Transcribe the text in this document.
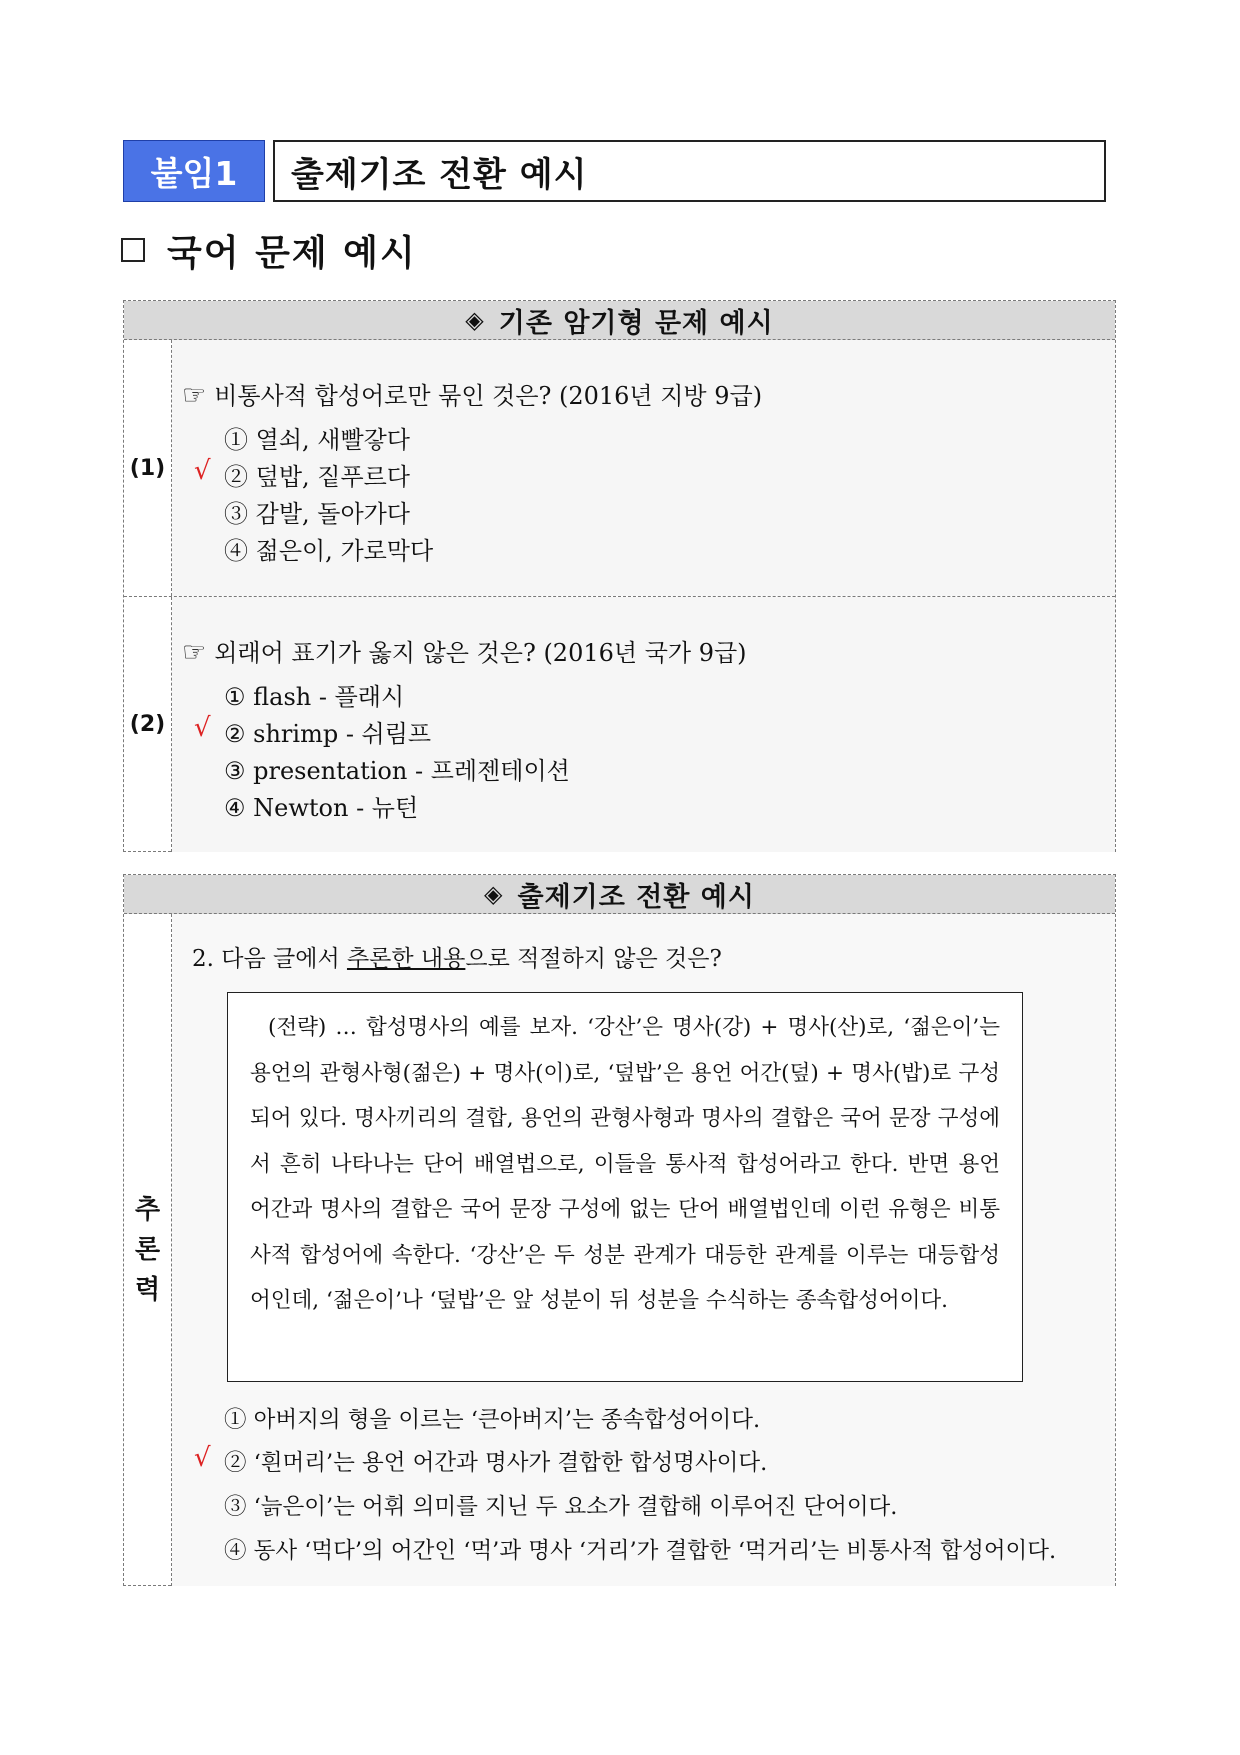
붙임1	출제기조 전환 예시
국어 문제 예시
◈ 기존 암기형 문제 예시
(1)
☞ 비통사적 합성어로만 묶인 것은? (2016년 지방 9급)
① 열쇠, 새빨갛다
√ ② 덮밥, 짙푸르다
③ 감발, 돌아가다
④ 젊은이, 가로막다
(2)
☞ 외래어 표기가 옳지 않은 것은? (2016년 국가 9급)
① flash - 플래시
√ ② shrimp - 쉬림프
③ presentation - 프레젠테이션
④ Newton - 뉴턴
◈ 출제기조 전환 예시
추
론
력
2. 다음 글에서 추론한 내용으로 적절하지 않은 것은?

(전략) … 합성명사의 예를 보자. ‘강산’은 명사(강) + 명사(산)로, ‘젊은이’는 용언의 관형사형(젊은) + 명사(이)로, ‘덮밥’은 용언 어간(덮) + 명사(밥)로 구성되어 있다. 명사끼리의 결합, 용언의 관형사형과 명사의 결합은 국어 문장 구성에서 흔히 나타나는 단어 배열법으로, 이들을 통사적 합성어라고 한다. 반면 용언 어간과 명사의 결합은 국어 문장 구성에 없는 단어 배열법인데 이런 유형은 비통사적 합성어에 속한다. ‘강산’은 두 성분 관계가 대등한 관계를 이루는 대등합성어인데, ‘젊은이’나 ‘덮밥’은 앞 성분이 뒤 성분을 수식하는 종속합성어이다.

① 아버지의 형을 이르는 ‘큰아버지’는 종속합성어이다.
√ ② ‘흰머리’는 용언 어간과 명사가 결합한 합성명사이다.
③ ‘늙은이’는 어휘 의미를 지닌 두 요소가 결합해 이루어진 단어이다.
④ 동사 ‘먹다’의 어간인 ‘먹’과 명사 ‘거리’가 결합한 ‘먹거리’는 비통사적 합성어이다.
